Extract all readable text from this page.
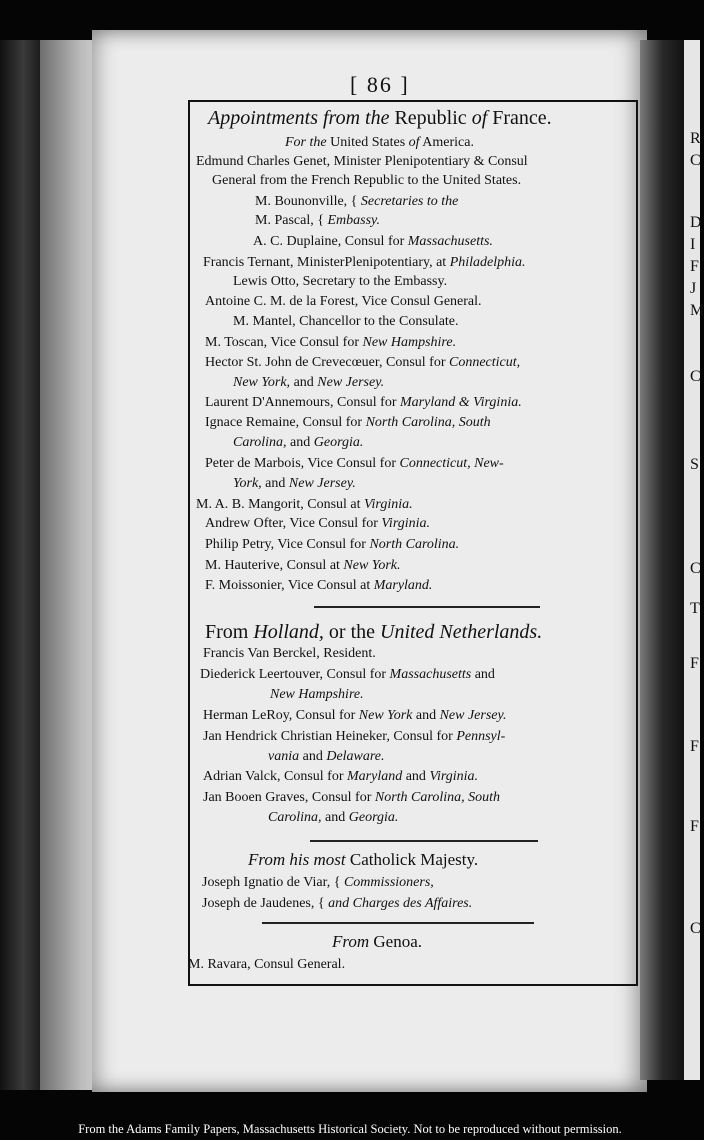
R
C
D
I
F
J
M
C
S
C
T
F
F
F
C
[ 86 ]
Appointments from the Republic of France.
For the United States of America.
Edmund Charles Genet, Minister Plenipotentiary & Consul
General from the French Republic to the United States.
M. Bounonville, { Secretaries to the
M. Pascal, { Embassy.
A. C. Duplaine, Consul for Massachusetts.
Francis Ternant, MinisterPlenipotentiary, at Philadelphia.
Lewis Otto, Secretary to the Embassy.
Antoine C. M. de la Forest, Vice Consul General.
M. Mantel, Chancellor to the Consulate.
M. Toscan, Vice Consul for New Hampshire.
Hector St. John de Crevecœuer, Consul for Connecticut,
New York, and New Jersey.
Laurent D'Annemours, Consul for Maryland & Virginia.
Ignace Remaine, Consul for North Carolina, South
Carolina, and Georgia.
Peter de Marbois, Vice Consul for Connecticut, New-
York, and New Jersey.
M. A. B. Mangorit, Consul at Virginia.
Andrew Ofter, Vice Consul for Virginia.
Philip Petry, Vice Consul for North Carolina.
M. Hauterive, Consul at New York.
F. Moissonier, Vice Consul at Maryland.
From Holland, or the United Netherlands.
Francis Van Berckel, Resident.
Diederick Leertouver, Consul for Massachusetts and
New Hampshire.
Herman LeRoy, Consul for New York and New Jersey.
Jan Hendrick Christian Heineker, Consul for Pennsyl-
vania and Delaware.
Adrian Valck, Consul for Maryland and Virginia.
Jan Booen Graves, Consul for North Carolina, South
Carolina, and Georgia.
From his most Catholick Majesty.
Joseph Ignatio de Viar, { Commissioners,
Joseph de Jaudenes, { and Charges des Affaires.
From Genoa.
M. Ravara, Consul General.
From the Adams Family Papers, Massachusetts Historical Society. Not to be reproduced without permission.
